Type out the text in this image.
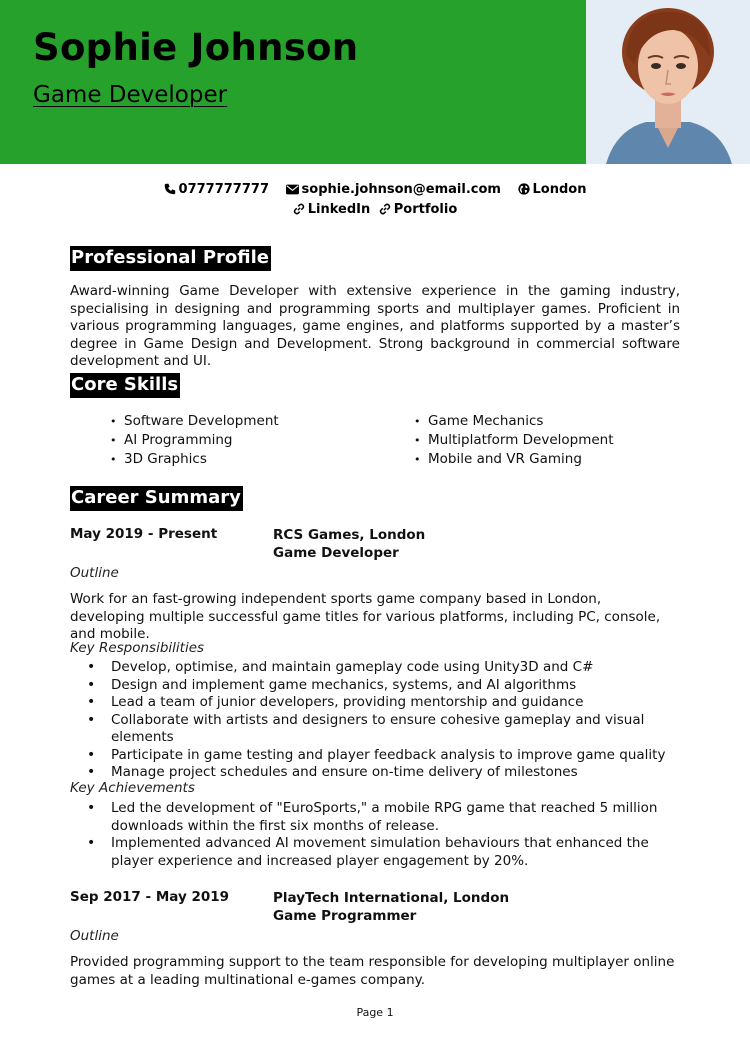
Sophie Johnson
Game Developer
0777777777	sophie.johnson@email.com London
LinkedIn Portfolio
Professional Profile

Award-winning Game Developer with extensive experience in the gaming industry, specialising in designing and programming sports and multiplayer games. Proficient in various programming languages, game engines, and platforms supported by a master’s degree in Game Design and Development. Strong background in commercial software development and UI.

Core Skills
• Software Development
• AI Programming
• 3D Graphics
• Game Mechanics
• Multiplatform Development
• Mobile and VR Gaming
Career Summary
May 2019 - Present	RCS Games, London
Game Developer
Outline

Work for an fast-growing independent sports game company based in London, developing multiple successful game titles for various platforms, including PC, console, and mobile.

Key Responsibilities
• Develop, optimise, and maintain gameplay code using Unity3D and C#
• Design and implement game mechanics, systems, and AI algorithms
• Lead a team of junior developers, providing mentorship and guidance
• Collaborate with artists and designers to ensure cohesive gameplay and visual elements
• Participate in game testing and player feedback analysis to improve game quality
• Manage project schedules and ensure on-time delivery of milestones
Key Achievements
• Led the development of "EuroSports," a mobile RPG game that reached 5 million downloads within the first six months of release.
• Implemented advanced AI movement simulation behaviours that enhanced the player experience and increased player engagement by 20%.
Sep 2017 - May 2019	PlayTech International, London
Game Programmer
Outline

Provided programming support to the team responsible for developing multiplayer online games at a leading multinational e-games company.

Page 1
